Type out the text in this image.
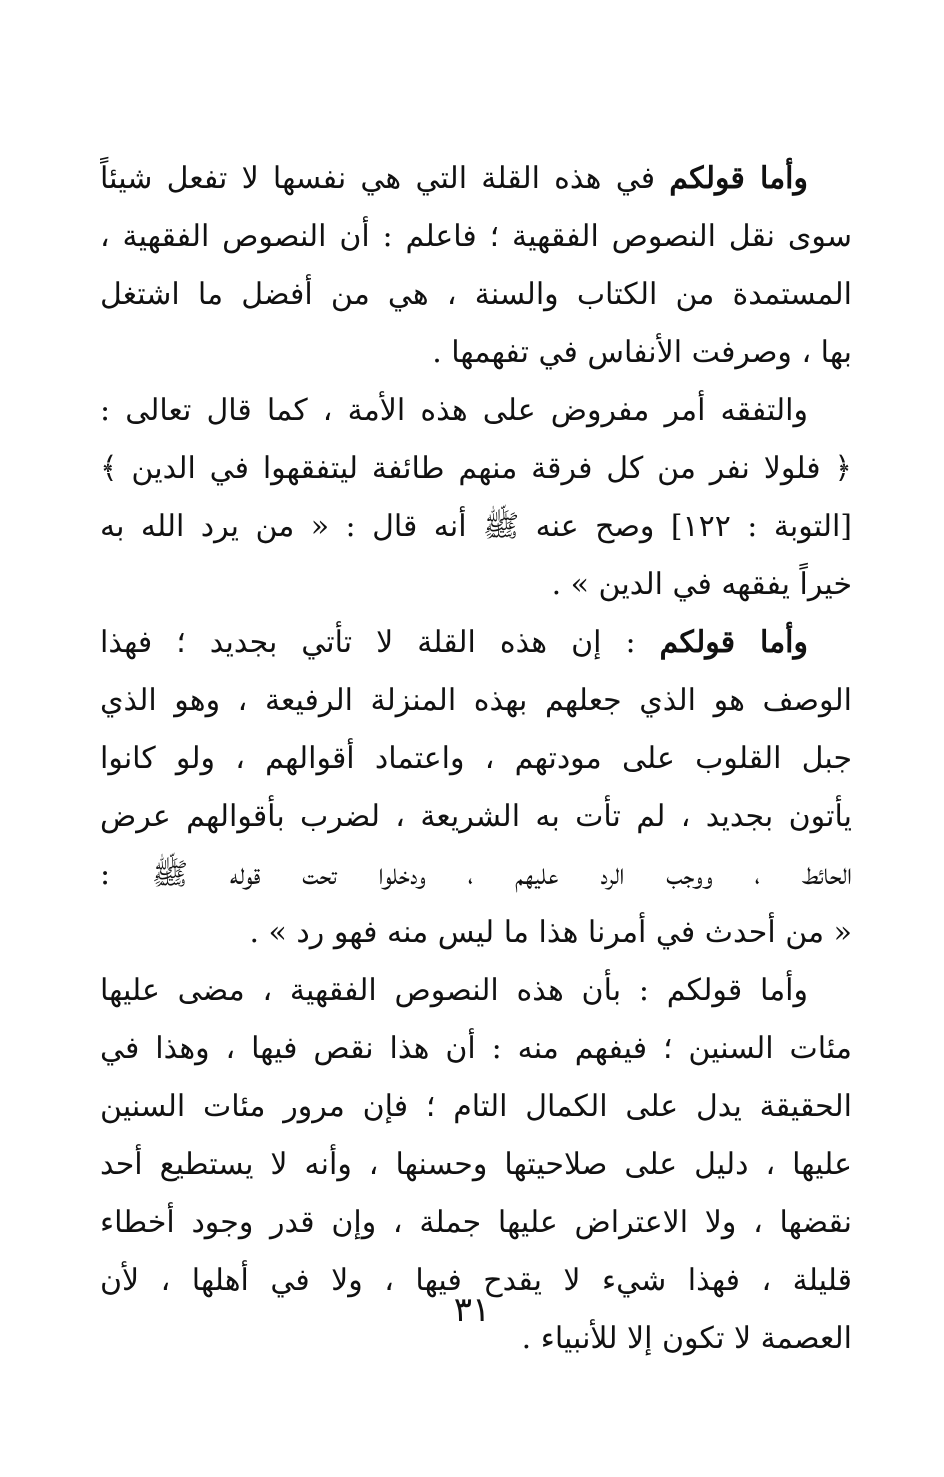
وأما قولكم في هذه القلة التي هي نفسها لا تفعل شيئاً
سوى نقل النصوص الفقهية ؛ فاعلم : أن النصوص الفقهية ،
المستمدة من الكتاب والسنة ، هي من أفضل ما اشتغل
بها ، وصرفت الأنفاس في تفهمها .
والتفقه أمر مفروض على هذه الأمة ، كما قال تعالى :
﴿ فلولا نفر من كل فرقة منهم طائفة ليتفقهوا في الدين ﴾
[التوبة : ١٢٢] وصح عنه ﷺ أنه قال : « من يرد الله به
خيراً يفقهه في الدين » .
وأما قولكم : إن هذه القلة لا تأتي بجديد ؛ فهذا
الوصف هو الذي جعلهم بهذه المنزلة الرفيعة ، وهو الذي
جبل القلوب على مودتهم ، واعتماد أقوالهم ، ولو كانوا
يأتون بجديد ، لم تأت به الشريعة ، لضرب بأقوالهم عرض
الحائط ، ووجب الرد عليهم ، ودخلوا تحت قوله ﷺ :
« من أحدث في أمرنا هذا ما ليس منه فهو رد » .
وأما قولكم : بأن هذه النصوص الفقهية ، مضى عليها
مئات السنين ؛ فيفهم منه : أن هذا نقص فيها ، وهذا في
الحقيقة يدل على الكمال التام ؛ فإن مرور مئات السنين
عليها ، دليل على صلاحيتها وحسنها ، وأنه لا يستطيع أحد
نقضها ، ولا الاعتراض عليها جملة ، وإن قدر وجود أخطاء
قليلة ، فهذا شيء لا يقدح فيها ، ولا في أهلها ، لأن
العصمة لا تكون إلا للأنبياء .
٣١
